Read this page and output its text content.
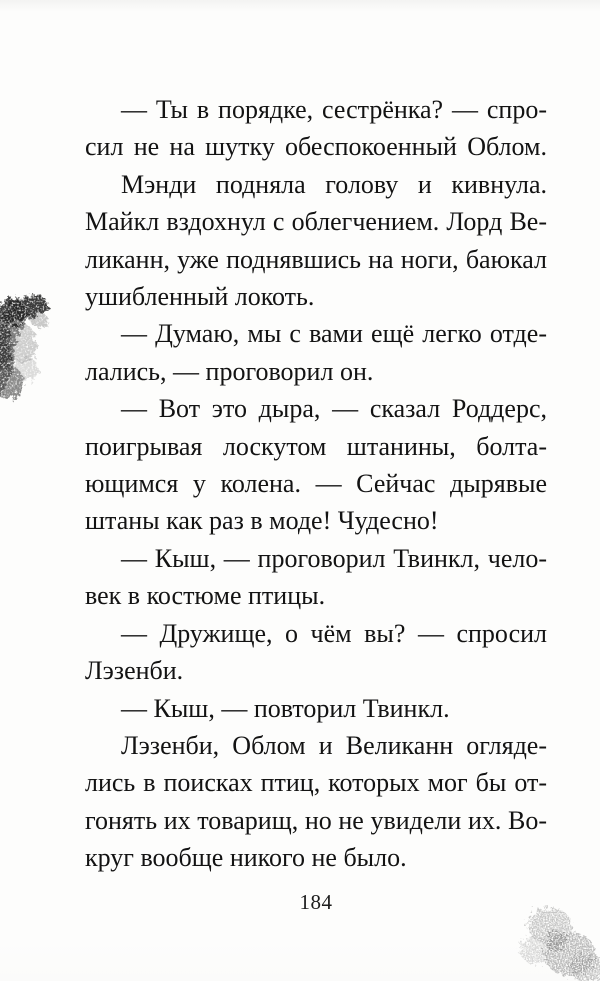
— Ты в порядке, сестрёнка? — спро-
сил не на шутку обеспокоенный Облом.
Мэнди подняла голову и кивнула.
Майкл вздохнул с облегчением. Лорд Ве-
ликанн, уже поднявшись на ноги, баюкал
ушибленный локоть.
— Думаю, мы с вами ещё легко отде-
лались, — проговорил он.
— Вот это дыра, — сказал Роддерс,
поигрывая лоскутом штанины, болта-
ющимся у колена. — Сейчас дырявые
штаны как раз в моде! Чудесно!
— Кыш, — проговорил Твинкл, чело-
век в костюме птицы.
— Дружище, о чём вы? — спросил
Лэзенби.
— Кыш, — повторил Твинкл.
Лэзенби, Облом и Великанн огляде-
лись в поисках птиц, которых мог бы от-
гонять их товарищ, но не увидели их. Во-
круг вообще никого не было.
184
